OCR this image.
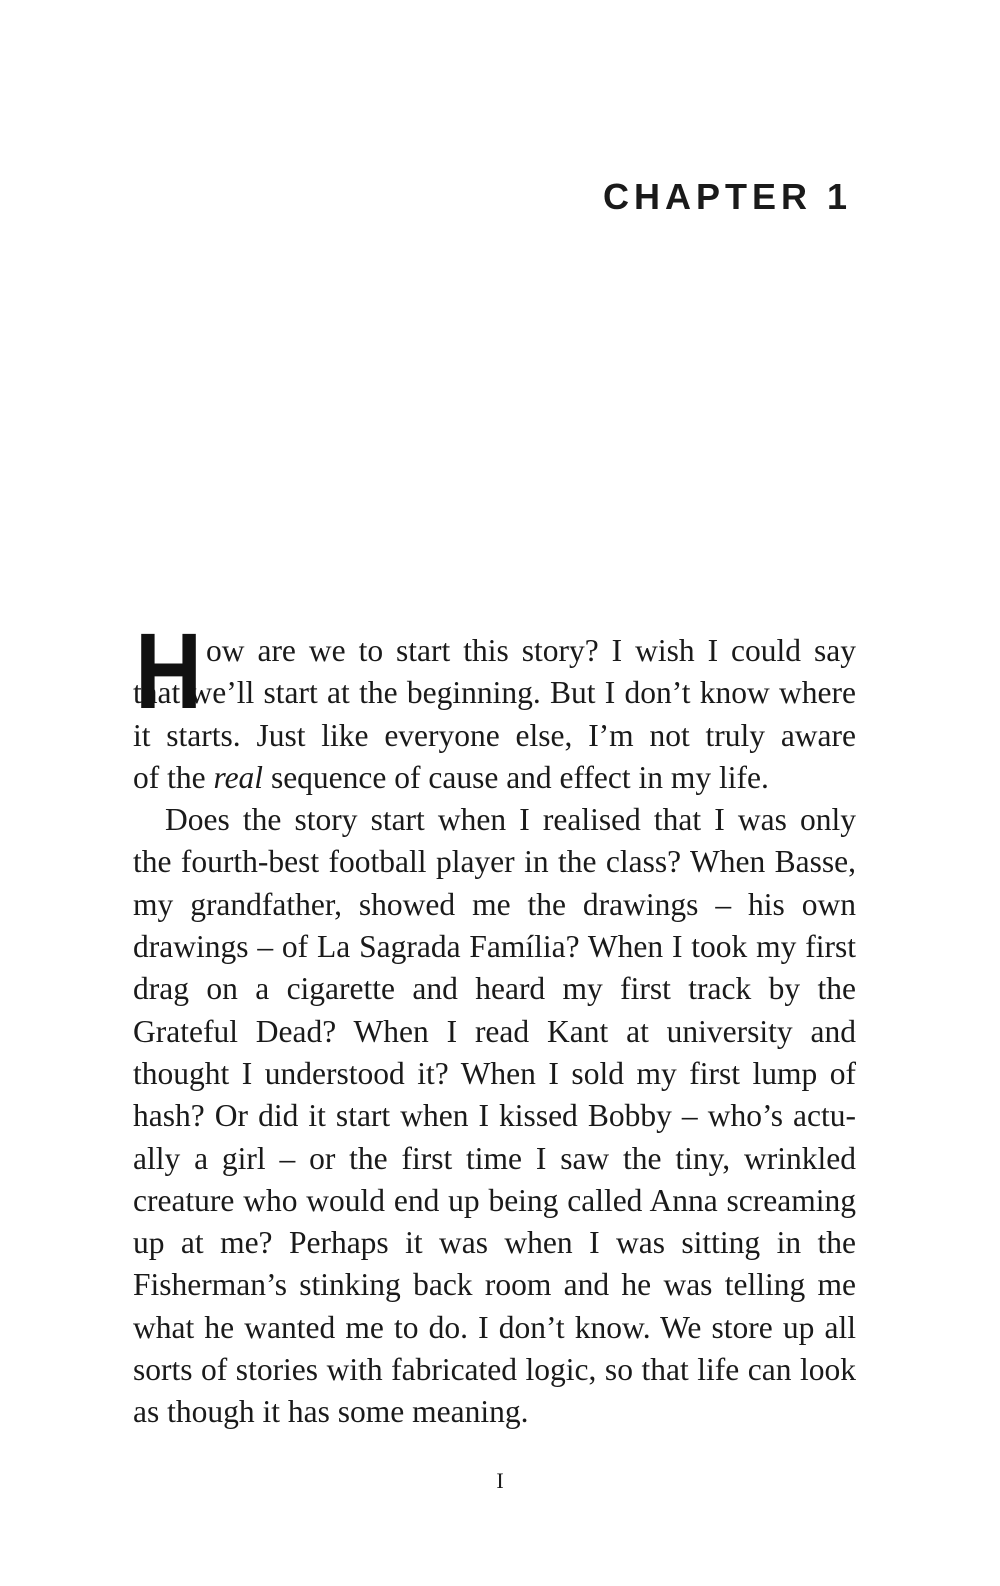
CHAPTER 1
H ow are we to start this story? I wish I could say
that we’ll start at the beginning. But I don’t know where
it starts. Just like everyone else, I’m not truly aware
of the real sequence of cause and effect in my life.
Does the story start when I realised that I was only
the fourth-best football player in the class? When Basse,
my grandfather, showed me the drawings – his own
drawings – of La Sagrada Família? When I took my first
drag on a cigarette and heard my first track by the
Grateful Dead? When I read Kant at university and
thought I understood it? When I sold my first lump of
hash? Or did it start when I kissed Bobby – who’s actu-
ally a girl – or the first time I saw the tiny, wrinkled
creature who would end up being called Anna screaming
up at me? Perhaps it was when I was sitting in the
Fisherman’s stinking back room and he was telling me
what he wanted me to do. I don’t know. We store up all
sorts of stories with fabricated logic, so that life can look
as though it has some meaning.
I
